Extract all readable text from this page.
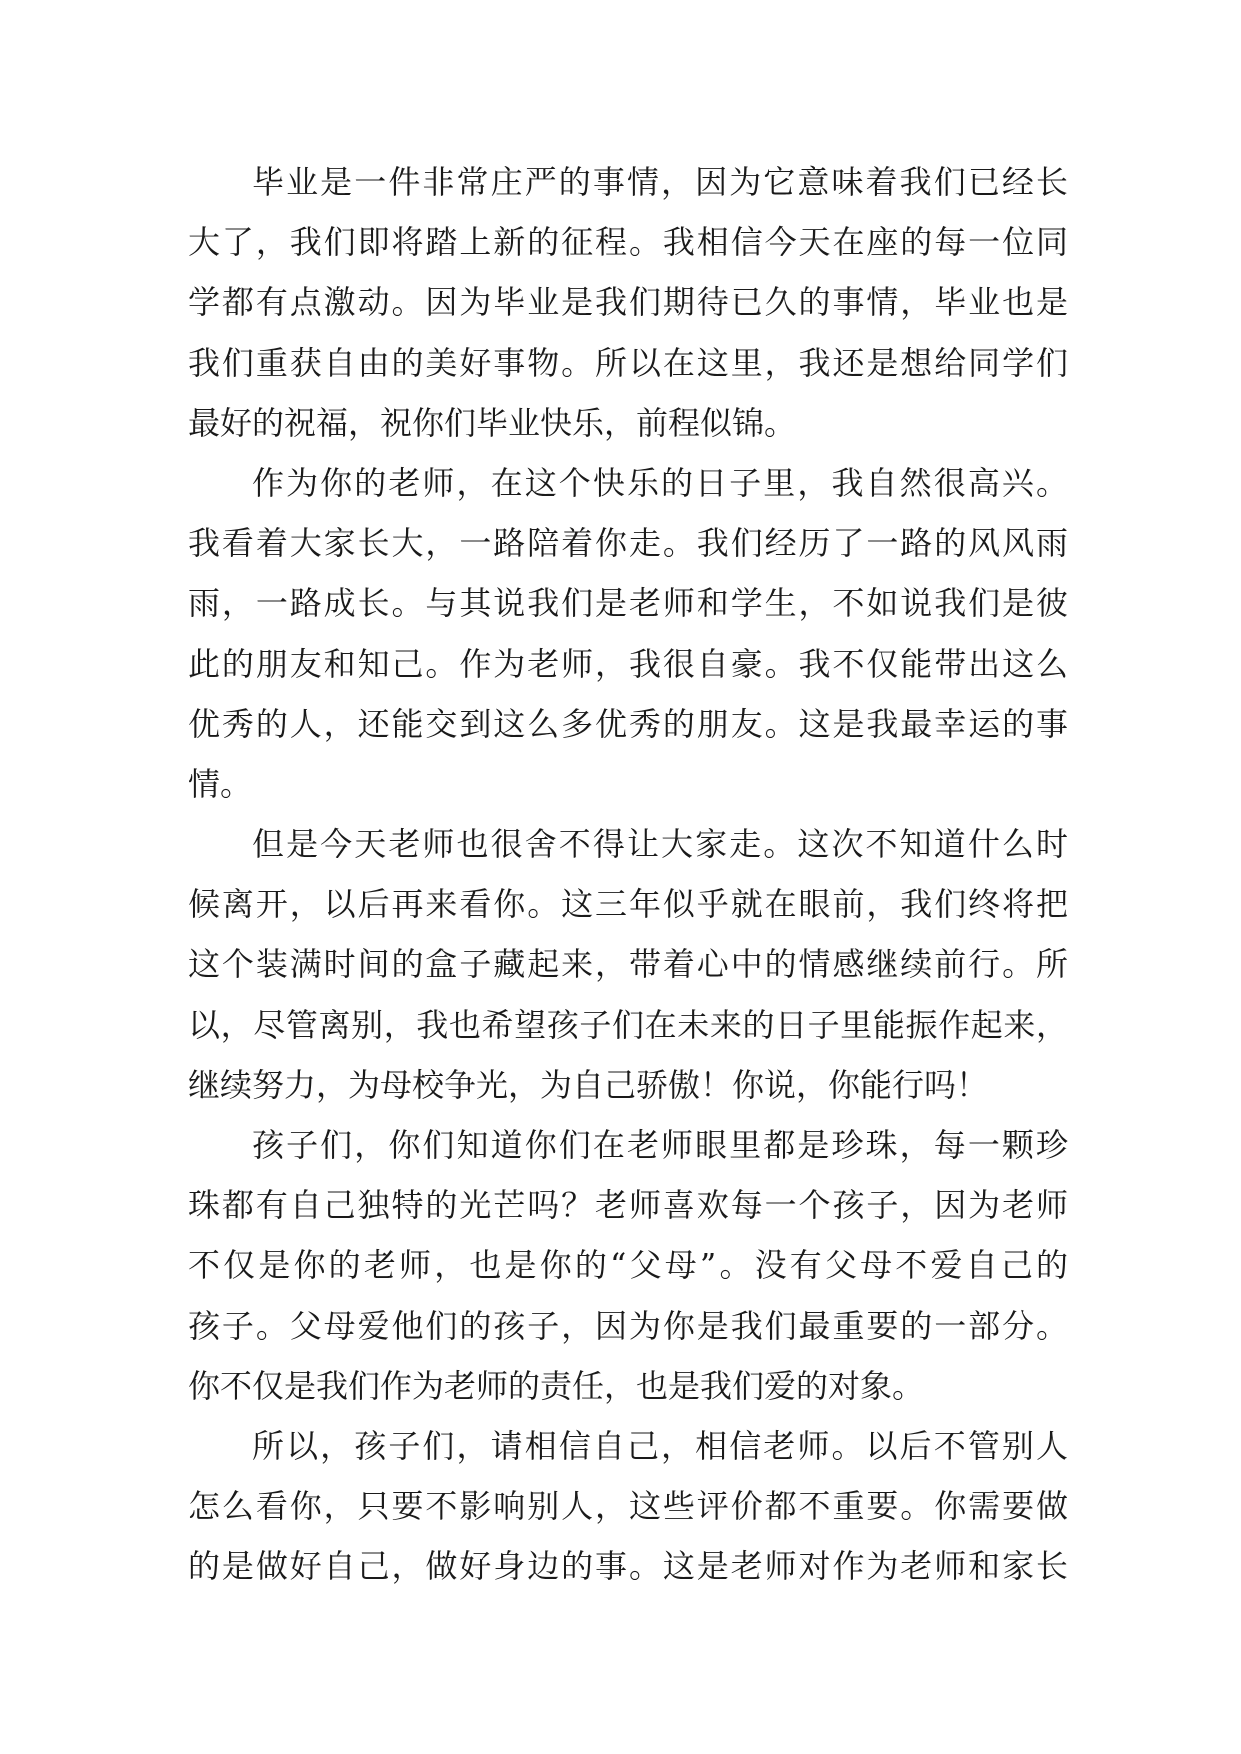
毕业是一件非常庄严的事情，因为它意味着我们已经长
大了，我们即将踏上新的征程。我相信今天在座的每一位同
学都有点激动。因为毕业是我们期待已久的事情，毕业也是
我们重获自由的美好事物。所以在这里，我还是想给同学们
最好的祝福，祝你们毕业快乐，前程似锦。
作为你的老师，在这个快乐的日子里，我自然很高兴。
我看着大家长大，一路陪着你走。我们经历了一路的风风雨
雨，一路成长。与其说我们是老师和学生，不如说我们是彼
此的朋友和知己。作为老师，我很自豪。我不仅能带出这么
优秀的人，还能交到这么多优秀的朋友。这是我最幸运的事
情。
但是今天老师也很舍不得让大家走。这次不知道什么时
候离开，以后再来看你。这三年似乎就在眼前，我们终将把
这个装满时间的盒子藏起来，带着心中的情感继续前行。所
以，尽管离别，我也希望孩子们在未来的日子里能振作起来，
继续努力，为母校争光，为自己骄傲！你说，你能行吗！
孩子们，你们知道你们在老师眼里都是珍珠，每一颗珍
珠都有自己独特的光芒吗？老师喜欢每一个孩子，因为老师
不仅是你的老师，也是你的“父母”。没有父母不爱自己的
孩子。父母爱他们的孩子，因为你是我们最重要的一部分。
你不仅是我们作为老师的责任，也是我们爱的对象。
所以，孩子们，请相信自己，相信老师。以后不管别人
怎么看你，只要不影响别人，这些评价都不重要。你需要做
的是做好自己，做好身边的事。这是老师对作为老师和家长
